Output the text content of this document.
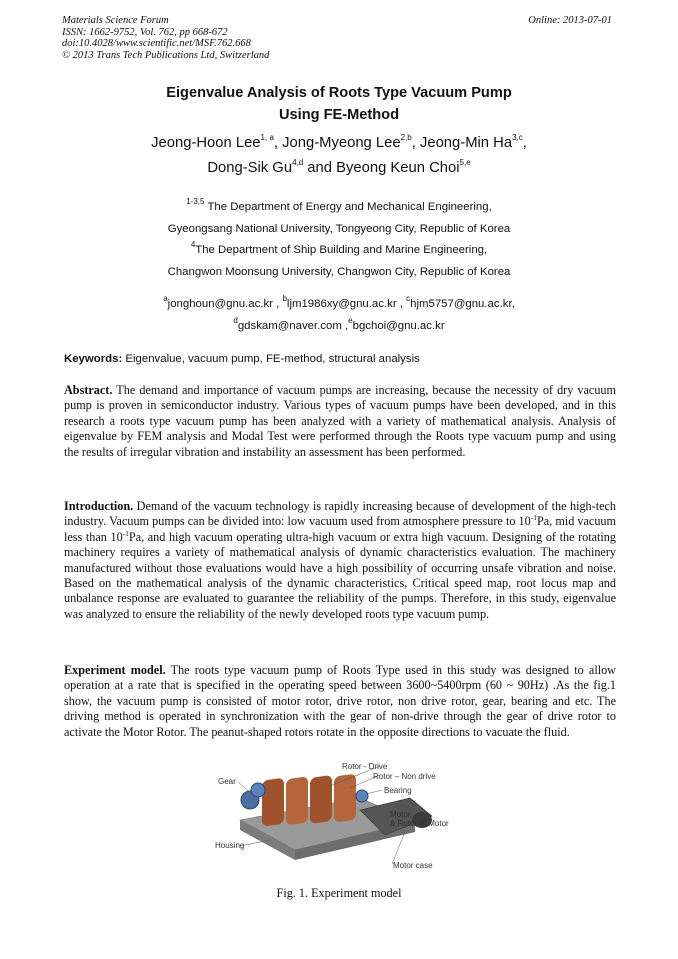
Materials Science Forum
ISSN: 1662-9752, Vol. 762, pp 668-672
doi:10.4028/www.scientific.net/MSF.762.668
© 2013 Trans Tech Publications Ltd, Switzerland
Online: 2013-07-01
Eigenvalue Analysis of Roots Type Vacuum Pump
Using FE-Method
Jeong-Hoon Lee$^{1, a}$, Jong-Myeong Lee$^{2,b}$, Jeong-Min Ha$^{3,c}$,
Dong-Sik Gu$^{4,d}$ and Byeong Keun Choi$^{5,e}$
$^{1-3,5}$ The Department of Energy and Mechanical Engineering,
Gyeongsang National University, Tongyeong City, Republic of Korea
$^4$The Department of Ship Building and Marine Engineering,
Changwon Moonsung University, Changwon City, Republic of Korea
$^a$jonghoun@gnu.ac.kr , $^b$ljm1986xy@gnu.ac.kr , $^c$hjm5757@gnu.ac.kr,
$^d$gdskam@naver.com ,$^e$bgchoi@gnu.ac.kr
Keywords: Eigenvalue, vacuum pump, FE-method, structural analysis
Abstract. The demand and importance of vacuum pumps are increasing, because the necessity of dry vacuum pump is proven in semiconductor industry. Various types of vacuum pumps have been developed, and in this research a roots type vacuum pump has been analyzed with a variety of mathematical analysis. Analysis of eigenvalue by FEM analysis and Modal Test were performed through the Roots type vacuum pump and using the results of irregular vibration and instability an assessment has been performed.
Introduction. Demand of the vacuum technology is rapidly increasing because of development of the high-tech industry. Vacuum pumps can be divided into: low vacuum used from atmosphere pressure to $10^{-1}Pa$, mid vacuum less than $10^{-1}Pa$, and high vacuum operating ultra-high vacuum or extra high vacuum. Designing of the rotating machinery requires a variety of mathematical analysis of dynamic characteristics evaluation. The machinery manufactured without those evaluations would have a high possibility of occurring unsafe vibration and noise. Based on the mathematical analysis of the dynamic characteristics, Critical speed map, root locus map and unbalance response are evaluated to guarantee the reliability of the pumps. Therefore, in this study, eigenvalue was analyzed to ensure the reliability of the newly developed roots type vacuum pump.
Experiment model. The roots type vacuum pump of Roots Type used in this study was designed to allow operation at a rate that is specified in the operating speed between 3600~5400rpm (60 ~ 90Hz) .As the fig.1 show, the vacuum pump is consisted of motor rotor, drive rotor, non drive rotor, gear, bearing and etc. The driving method is operated in synchronization with the gear of non-drive through the gear of drive rotor to activate the Motor Rotor. The peanut-shaped rotors rotate in the opposite directions to vacuate the fluid.
Gear
Rotor - Drive
Rotor – Non drive
Bearing
Motor
& Rotor of Motor
Housing
Motor case
Fig. 1. Experiment model
